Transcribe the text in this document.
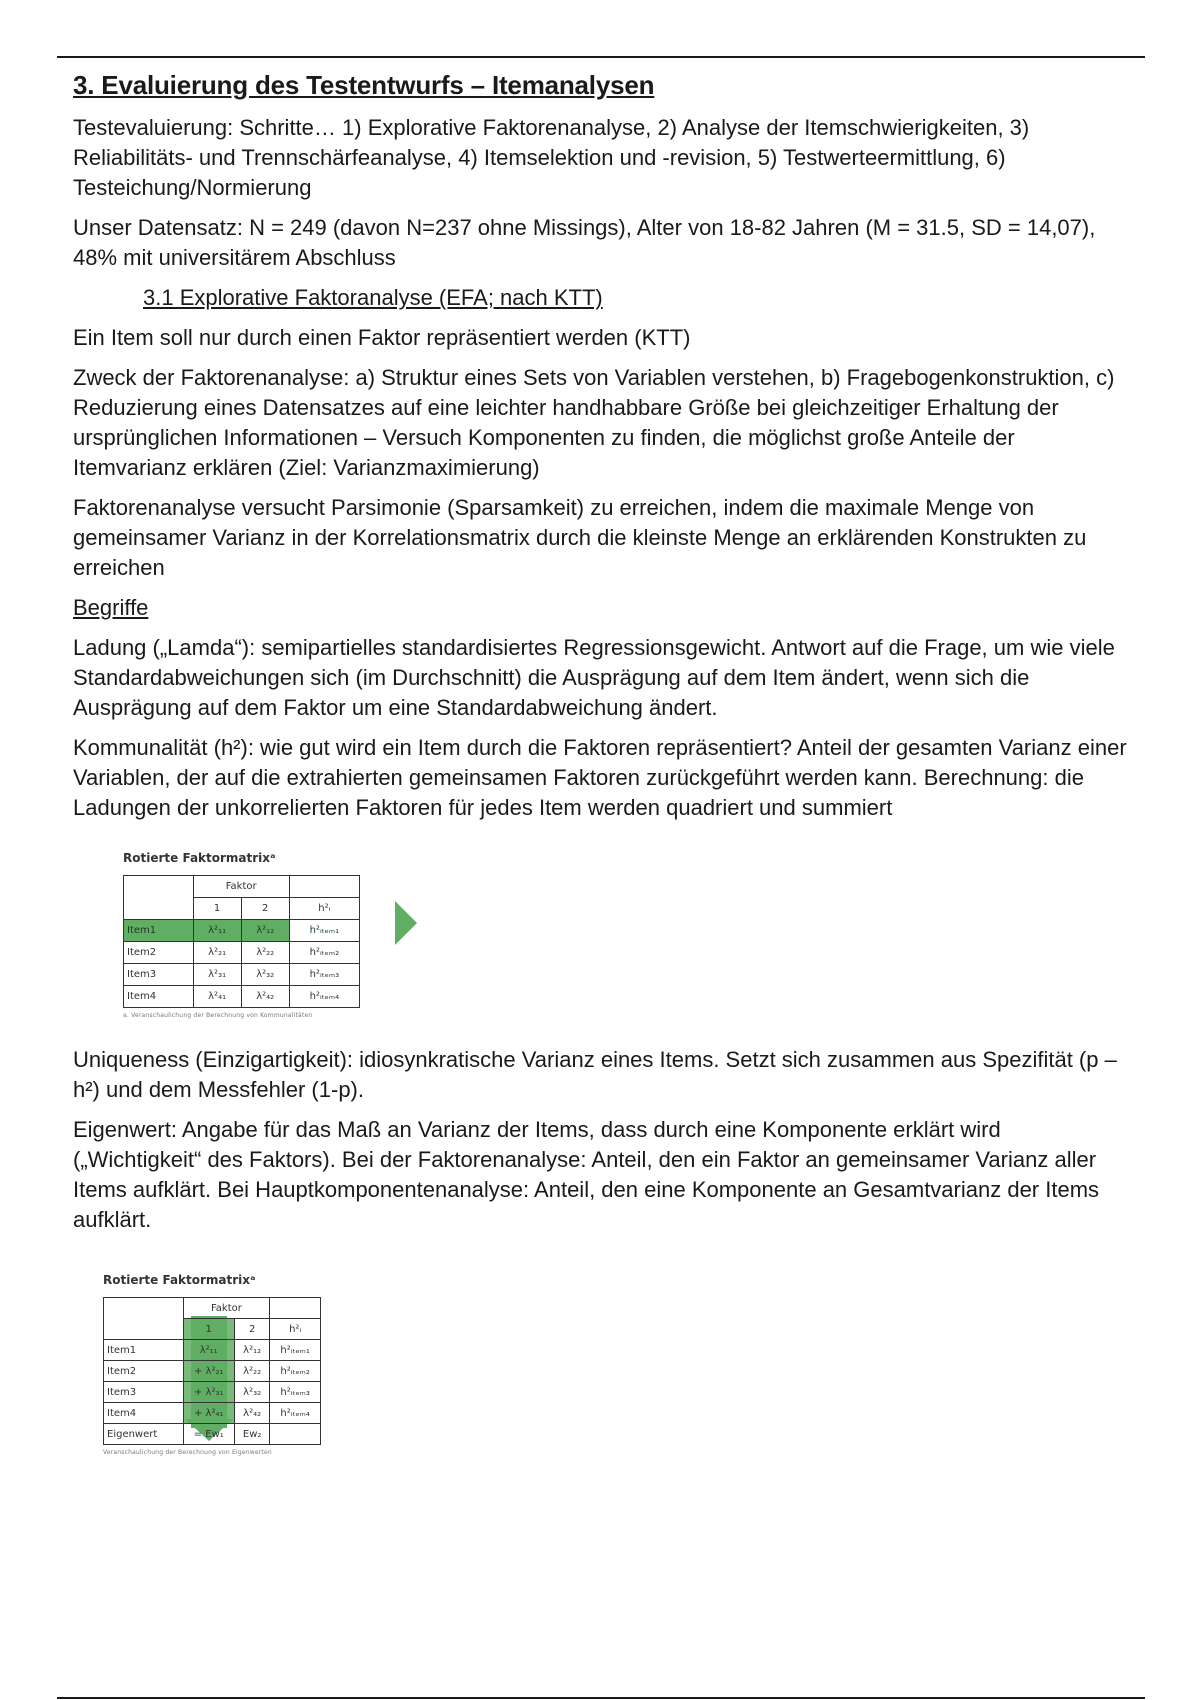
3. Evaluierung des Testentwurfs – Itemanalysen

Testevaluierung: Schritte… 1) Explorative Faktorenanalyse, 2) Analyse der Itemschwierigkeiten, 3) Reliabilitäts- und Trennschärfeanalyse, 4) Itemselektion und -revision, 5) Testwerteermittlung, 6) Testeichung/Normierung

Unser Datensatz: N = 249 (davon N=237 ohne Missings), Alter von 18-82 Jahren (M = 31.5, SD = 14,07), 48% mit universitärem Abschluss

3.1 Explorative Faktoranalyse (EFA; nach KTT)

Ein Item soll nur durch einen Faktor repräsentiert werden (KTT)

Zweck der Faktorenanalyse: a) Struktur eines Sets von Variablen verstehen, b) Fragebogenkonstruktion, c) Reduzierung eines Datensatzes auf eine leichter handhabbare Größe bei gleichzeitiger Erhaltung der ursprünglichen Informationen – Versuch Komponenten zu finden, die möglichst große Anteile der Itemvarianz erklären (Ziel: Varianzmaximierung)

Faktorenanalyse versucht Parsimonie (Sparsamkeit) zu erreichen, indem die maximale Menge von gemeinsamer Varianz in der Korrelationsmatrix durch die kleinste Menge an erklärenden Konstrukten zu erreichen

Begriffe

Ladung („Lamda“): semipartielles standardisiertes Regressionsgewicht. Antwort auf die Frage, um wie viele Standardabweichungen sich (im Durchschnitt) die Ausprägung auf dem Item ändert, wenn sich die Ausprägung auf dem Faktor um eine Standardabweichung ändert.

Kommunalität (h²): wie gut wird ein Item durch die Faktoren repräsentiert? Anteil der gesamten Varianz einer Variablen, der auf die extrahierten gemeinsamen Faktoren zurückgeführt werden kann. Berechnung: die Ladungen der unkorrelierten Faktoren für jedes Item werden quadriert und summiert

Rotierte Faktormatrixᵃ
	Faktor		
	1	2	h²ᵢ
Item1	λ²₁₁	λ²₁₂	h²ᵢₜₑₘ₁
Item2	λ²₂₁	λ²₂₂	h²ᵢₜₑₘ₂
Item3	λ²₃₁	λ²₃₂	h²ᵢₜₑₘ₃
Item4	λ²₄₁	λ²₄₂	h²ᵢₜₑₘ₄
a. Veranschaulichung der Berechnung von Kommunalitäten

Uniqueness (Einzigartigkeit): idiosynkratische Varianz eines Items. Setzt sich zusammen aus Spezifität (p – h²) und dem Messfehler (1-p).

Eigenwert: Angabe für das Maß an Varianz der Items, dass durch eine Komponente erklärt wird („Wichtigkeit“ des Faktors). Bei der Faktorenanalyse: Anteil, den ein Faktor an gemeinsamer Varianz aller Items aufklärt. Bei Hauptkomponentenanalyse: Anteil, den eine Komponente an Gesamtvarianz der Items aufklärt.

Rotierte Faktormatrixᵃ
	Faktor		
	1	2	h²ᵢ
Item1	λ²₁₁	λ²₁₂	h²ᵢₜₑₘ₁
Item2	+ λ²₂₁	λ²₂₂	h²ᵢₜₑₘ₂
Item3	+ λ²₃₁	λ²₃₂	h²ᵢₜₑₘ₃
Item4	+ λ²₄₁	λ²₄₂	h²ᵢₜₑₘ₄
Eigenwert	= Ew₁	Ew₂	
Veranschaulichung der Berechnung von Eigenwerten
